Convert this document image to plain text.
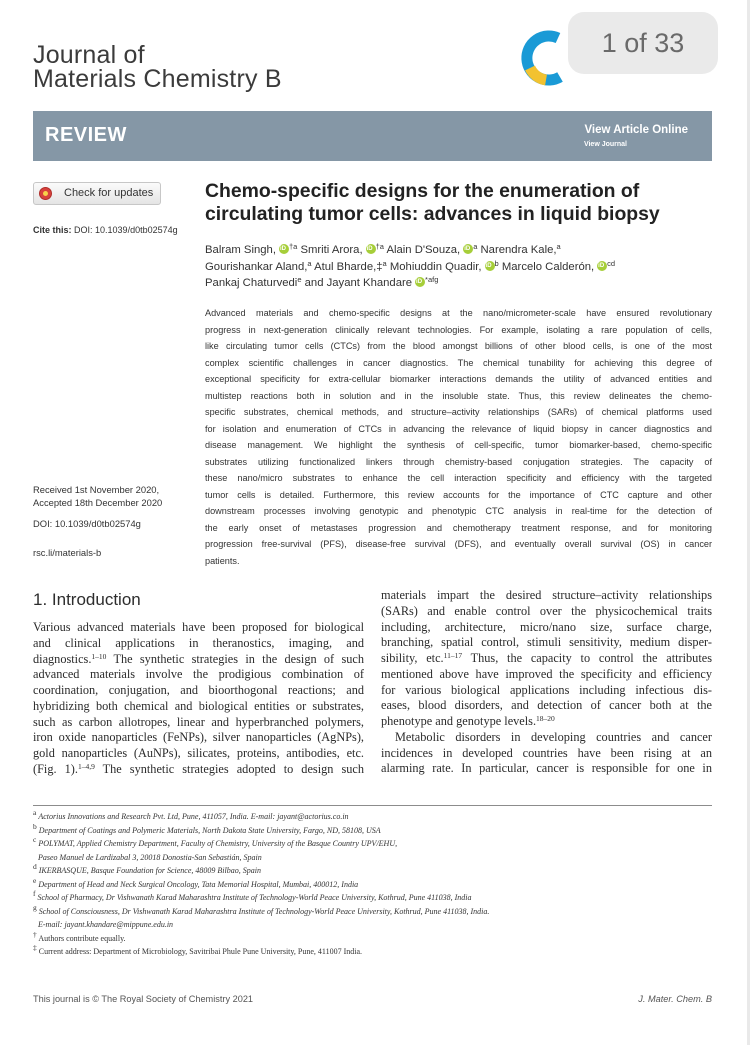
Journal of
Materials Chemistry B
1 of 33
REVIEW	View Article Online
View Journal
Check for updates
Cite this: DOI: 10.1039/d0tb02574g
Received 1st November 2020,
Accepted 18th December 2020
DOI: 10.1039/d0tb02574g
rsc.li/materials-b
Chemo-specific designs for the enumeration of
circulating tumor cells: advances in liquid biopsy
Balram Singh, iD $^{\dagger a}$ Smriti Arora, iD $^{\dagger a}$ Alain D'Souza, iD $^a$ Narendra Kale,$^a$
Gourishankar Aland,$^a$ Atul Bharde,‡$^a$ Mohiuddin Quadir, iD $^b$ Marcelo Calderón, iD $^{cd}$
Pankaj Chaturvedi$^e$ and Jayant Khandare iD $^{*afg}$
Advanced materials and chemo-specific designs at the nano/micrometer-scale have ensured revolutionary
progress in next-generation clinically relevant technologies. For example, isolating a rare population of cells,
like circulating tumor cells (CTCs) from the blood amongst billions of other blood cells, is one of the most
complex scientific challenges in cancer diagnostics. The chemical tunability for achieving this degree of
exceptional specificity for extra-cellular biomarker interactions demands the utility of advanced entities and
multistep reactions both in solution and in the insoluble state. Thus, this review delineates the chemo-
specific substrates, chemical methods, and structure–activity relationships (SARs) of chemical platforms used
for isolation and enumeration of CTCs in advancing the relevance of liquid biopsy in cancer diagnostics and
disease management. We highlight the synthesis of cell-specific, tumor biomarker-based, chemo-specific
substrates utilizing functionalized linkers through chemistry-based conjugation strategies. The capacity of
these nano/micro substrates to enhance the cell interaction specificity and efficiency with the targeted
tumor cells is detailed. Furthermore, this review accounts for the importance of CTC capture and other
downstream processes involving genotypic and phenotypic CTC analysis in real-time for the detection of
the early onset of metastases progression and chemotherapy treatment response, and for monitoring
progression free-survival (PFS), disease-free survival (DFS), and eventually overall survival (OS) in cancer
patients.
1. Introduction
Various advanced materials have been proposed for biological
and clinical applications in theranostics, imaging, and
diagnostics.$^{1-10}$ The synthetic strategies in the design of such
advanced materials involve the prodigious combination of
coordination, conjugation, and bioorthogonal reactions; and
hybridizing both chemical and biological entities or substrates,
such as carbon allotropes, linear and hyperbranched polymers,
iron oxide nanoparticles (FeNPs), silver nanoparticles (AgNPs),
gold nanoparticles (AuNPs), silicates, proteins, antibodies, etc.
(Fig. 1).$^{1-4,9}$ The synthetic strategies adopted to design such
materials impart the desired structure–activity relationships
(SARs) and enable control over the physicochemical traits
including, architecture, micro/nano size, surface charge,
branching, spatial control, stimuli sensitivity, medium disper-
sibility, etc.$^{11-17}$ Thus, the capacity to control the attributes
mentioned above have improved the specificity and efficiency
for various biological applications including infectious dis-
eases, blood disorders, and detection of cancer both at the
phenotype and genotype levels.$^{18-20}$
Metabolic disorders in developing countries and cancer
incidences in developed countries have been rising at an
alarming rate. In particular, cancer is responsible for one in
$^a$ Actorius Innovations and Research Pvt. Ltd, Pune, 411057, India. E-mail: jayant@actorius.co.in
$^b$ Department of Coatings and Polymeric Materials, North Dakota State University, Fargo, ND, 58108, USA
$^c$ POLYMAT, Applied Chemistry Department, Faculty of Chemistry, University of the Basque Country UPV/EHU,
Paseo Manuel de Lardizabal 3, 20018 Donostia-San Sebastián, Spain
$^d$ IKERBASQUE, Basque Foundation for Science, 48009 Bilbao, Spain
$^e$ Department of Head and Neck Surgical Oncology, Tata Memorial Hospital, Mumbai, 400012, India
$^f$ School of Pharmacy, Dr Vishwanath Karad Maharashtra Institute of Technology-World Peace University, Kothrud, Pune 411038, India
$^g$ School of Consciousness, Dr Vishwanath Karad Maharashtra Institute of Technology-World Peace University, Kothrud, Pune 411038, India.
E-mail: jayant.khandare@mippune.edu.in
† Authors contribute equally.
‡ Current address: Department of Microbiology, Savitribai Phule Pune University, Pune, 411007 India.
This journal is © The Royal Society of Chemistry 2021	J. Mater. Chem. B
